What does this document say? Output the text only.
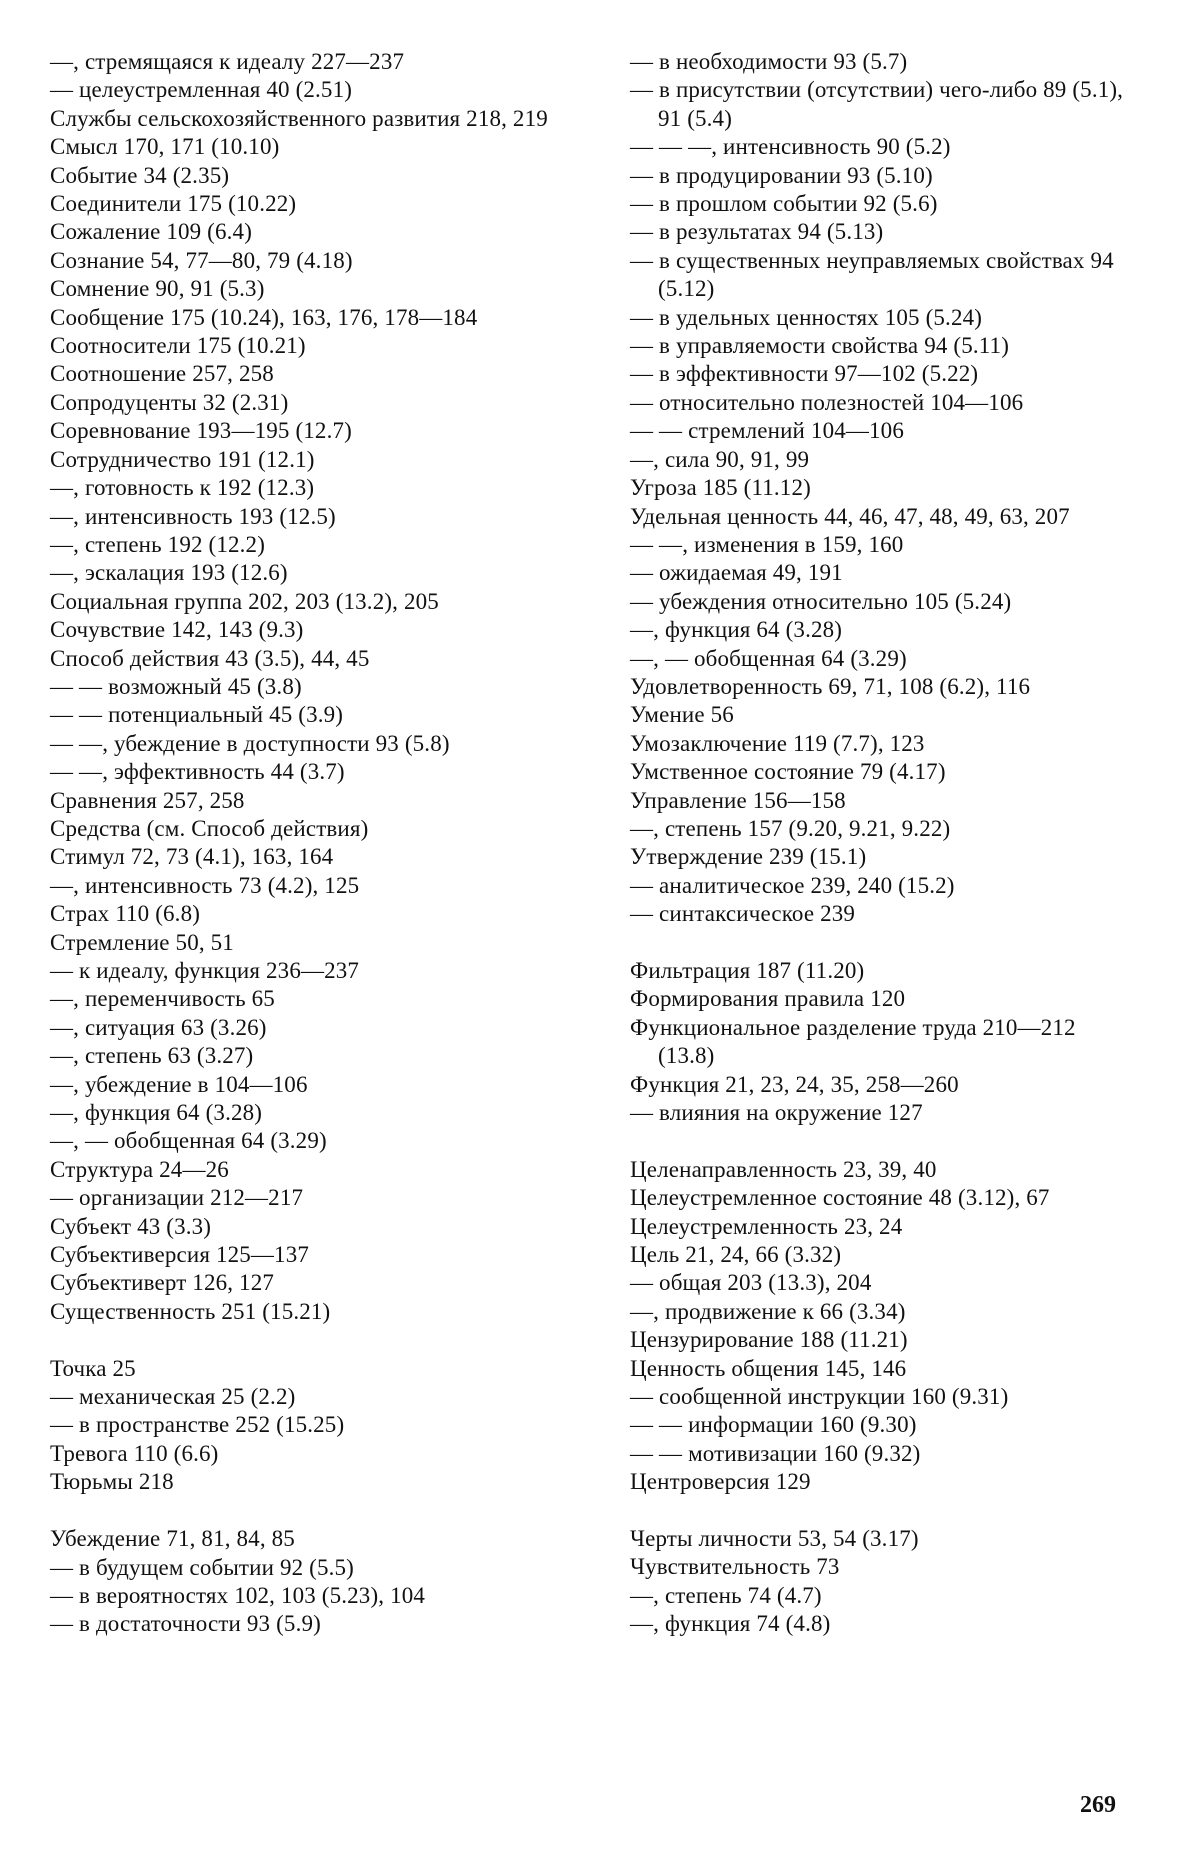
—, стремящаяся к идеалу 227—237

— целеустремленная 40 (2.51)

Службы сельскохозяйственного развития 218, 219

Смысл 170, 171 (10.10)

Событие 34 (2.35)

Соединители 175 (10.22)

Сожаление 109 (6.4)

Сознание 54, 77—80, 79 (4.18)

Сомнение 90, 91 (5.3)

Сообщение 175 (10.24), 163, 176, 178—184

Соотносители 175 (10.21)

Соотношение 257, 258

Сопродуценты 32 (2.31)

Соревнование 193—195 (12.7)

Сотрудничество 191 (12.1)

—, готовность к 192 (12.3)

—, интенсивность 193 (12.5)

—, степень 192 (12.2)

—, эскалация 193 (12.6)

Социальная группа 202, 203 (13.2), 205

Сочувствие 142, 143 (9.3)

Способ действия 43 (3.5), 44, 45

— — возможный 45 (3.8)

— — потенциальный 45 (3.9)

— —, убеждение в доступности 93 (5.8)

— —, эффективность 44 (3.7)

Сравнения 257, 258

Средства (см. Способ действия)

Стимул 72, 73 (4.1), 163, 164

—, интенсивность 73 (4.2), 125

Страх 110 (6.8)

Стремление 50, 51

— к идеалу, функция 236—237

—, переменчивость 65

—, ситуация 63 (3.26)

—, степень 63 (3.27)

—, убеждение в 104—106

—, функция 64 (3.28)

—, — обобщенная 64 (3.29)

Структура 24—26

— организации 212—217

Субъект 43 (3.3)

Субъективерсия 125—137

Субъективерт 126, 127

Существенность 251 (15.21)

Точка 25

— механическая 25 (2.2)

— в пространстве 252 (15.25)

Тревога 110 (6.6)

Тюрьмы 218

Убеждение 71, 81, 84, 85

— в будущем событии 92 (5.5)

— в вероятностях 102, 103 (5.23), 104

— в достаточности 93 (5.9)

— в необходимости 93 (5.7)

— в присутствии (отсутствии) чего-либо 89 (5.1), 91 (5.4)

— — —, интенсивность 90 (5.2)

— в продуцировании 93 (5.10)

— в прошлом событии 92 (5.6)

— в результатах 94 (5.13)

— в существенных неуправляемых свойствах 94 (5.12)

— в удельных ценностях 105 (5.24)

— в управляемости свойства 94 (5.11)

— в эффективности 97—102 (5.22)

— относительно полезностей 104—106

— — стремлений 104—106

—, сила 90, 91, 99

Угроза 185 (11.12)

Удельная ценность 44, 46, 47, 48, 49, 63, 207

— —, изменения в 159, 160

— ожидаемая 49, 191

— убеждения относительно 105 (5.24)

—, функция 64 (3.28)

—, — обобщенная 64 (3.29)

Удовлетворенность 69, 71, 108 (6.2), 116

Умение 56

Умозаключение 119 (7.7), 123

Умственное состояние 79 (4.17)

Управление 156—158

—, степень 157 (9.20, 9.21, 9.22)

Утверждение 239 (15.1)

— аналитическое 239, 240 (15.2)

— синтаксическое 239

Фильтрация 187 (11.20)

Формирования правила 120

Функциональное разделение труда 210—212 (13.8)

Функция 21, 23, 24, 35, 258—260

— влияния на окружение 127

Целенаправленность 23, 39, 40

Целеустремленное состояние 48 (3.12), 67

Целеустремленность 23, 24

Цель 21, 24, 66 (3.32)

— общая 203 (13.3), 204

—, продвижение к 66 (3.34)

Цензурирование 188 (11.21)

Ценность общения 145, 146

— сообщенной инструкции 160 (9.31)

— — информации 160 (9.30)

— — мотивизации 160 (9.32)

Центроверсия 129

Черты личности 53, 54 (3.17)

Чувствительность 73

—, степень 74 (4.7)

—, функция 74 (4.8)

269
